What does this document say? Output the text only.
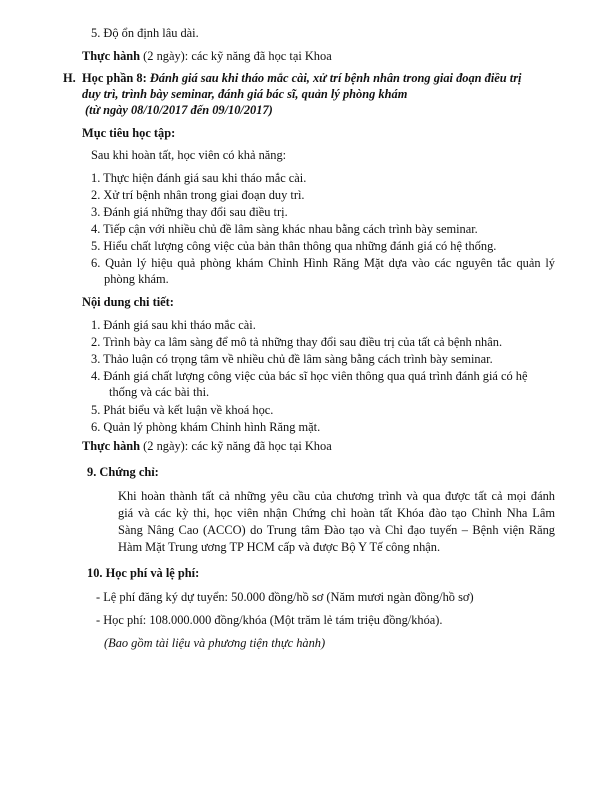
5. Độ ổn định lâu dài.
Thực hành (2 ngày): các kỹ năng đã học tại Khoa
H. Học phần 8: Đánh giá sau khi tháo mắc cài, xử trí bệnh nhân trong giai đoạn điều trị
duy trì, trình bày seminar, đánh giá bác sĩ, quản lý phòng khám
(từ ngày 08/10/2017 đến 09/10/2017)
Mục tiêu học tập:
Sau khi hoàn tất, học viên có khả năng:
1. Thực hiện đánh giá sau khi tháo mắc cài.
2. Xử trí bệnh nhân trong giai đoạn duy trì.
3. Đánh giá những thay đổi sau điều trị.
4. Tiếp cận với nhiều chủ đề lâm sàng khác nhau bằng cách trình bày seminar.
5. Hiểu chất lượng công việc của bản thân thông qua những đánh giá có hệ thống.
6. Quản lý hiệu quả phòng khám Chỉnh Hình Răng Mặt dựa vào các nguyên tắc quản lý
phòng khám.
Nội dung chi tiết:
1. Đánh giá sau khi tháo mắc cài.
2. Trình bày ca lâm sàng để mô tả những thay đổi sau điều trị của tất cả bệnh nhân.
3. Thảo luận có trọng tâm về nhiều chủ đề lâm sàng bằng cách trình bày seminar.
4. Đánh giá chất lượng công việc của bác sĩ học viên thông qua quá trình đánh giá có hệ
thống và các bài thi.
5. Phát biểu và kết luận về khoá học.
6. Quản lý phòng khám Chỉnh hình Răng mặt.
Thực hành (2 ngày): các kỹ năng đã học tại Khoa
9. Chứng chỉ:
Khi hoàn thành tất cả những yêu cầu của chương trình và qua được tất cả mọi đánh
giá và các kỳ thi, học viên nhận Chứng chỉ hoàn tất Khóa đào tạo Chỉnh Nha Lâm
Sàng Nâng Cao (ACCO) do Trung tâm Đào tạo và Chỉ đạo tuyến – Bệnh viện Răng
Hàm Mặt Trung ương TP HCM cấp và được Bộ Y Tế công nhận.
10. Học phí và lệ phí:
- Lệ phí đăng ký dự tuyển: 50.000 đồng/hồ sơ (Năm mươi ngàn đồng/hồ sơ)
- Học phí: 108.000.000 đồng/khóa (Một trăm lẻ tám triệu đồng/khóa).
(Bao gồm tài liệu và phương tiện thực hành)
